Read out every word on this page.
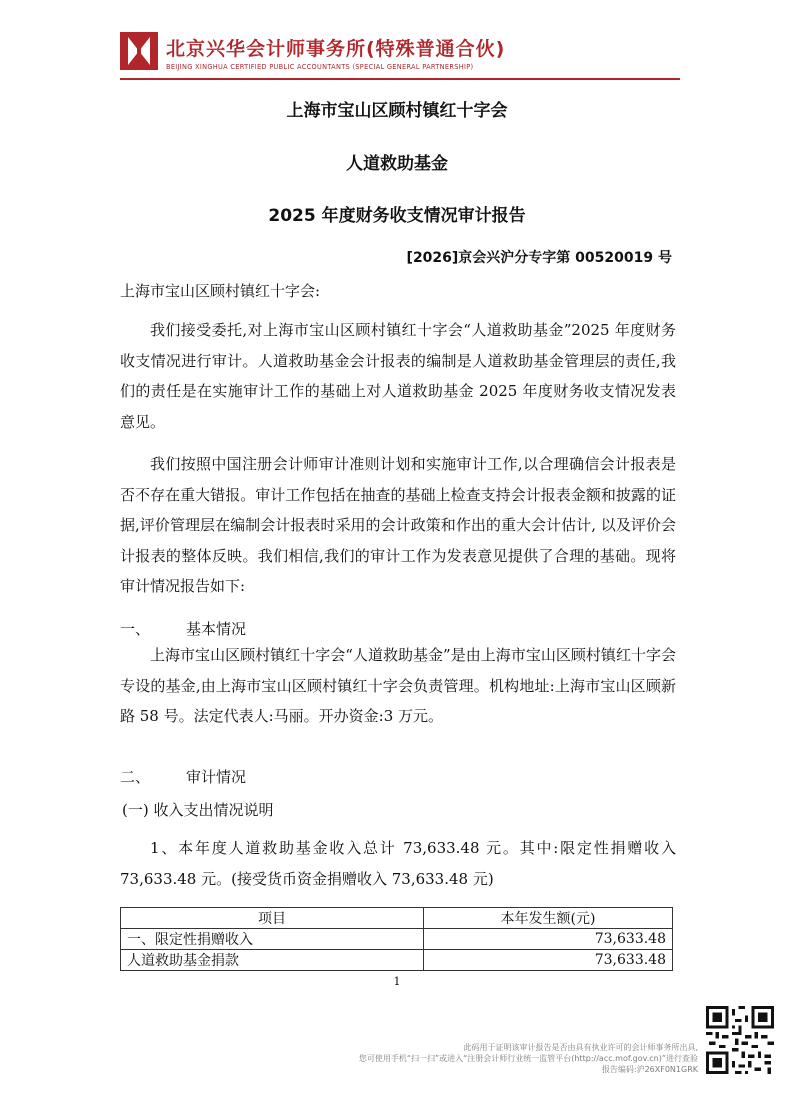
北京兴华会计师事务所(特殊普通合伙)
BEIJING XINGHUA CERTIFIED PUBLIC ACCOUNTANTS (SPECIAL GENERAL PARTNERSHIP)
上海市宝山区顾村镇红十字会
人道救助基金
2025 年度财务收支情况审计报告
[2026]京会兴沪分专字第 00520019 号
上海市宝山区顾村镇红十字会:
我们接受委托,对上海市宝山区顾村镇红十字会“人道救助基金”2025 年度财务收支情况进行审计。人道救助基金会计报表的编制是人道救助基金管理层的责任,我们的责任是在实施审计工作的基础上对人道救助基金 2025 年度财务收支情况发表意见。
我们按照中国注册会计师审计准则计划和实施审计工作,以合理确信会计报表是否不存在重大错报。审计工作包括在抽查的基础上检查支持会计报表金额和披露的证据,评价管理层在编制会计报表时采用的会计政策和作出的重大会计估计, 以及评价会计报表的整体反映。我们相信,我们的审计工作为发表意见提供了合理的基础。现将审计情况报告如下:
一、 基本情况
上海市宝山区顾村镇红十字会“人道救助基金”是由上海市宝山区顾村镇红十字会专设的基金,由上海市宝山区顾村镇红十字会负责管理。机构地址:上海市宝山区顾新路 58 号。法定代表人:马丽。开办资金:3 万元。
二、 审计情况
(一) 收入支出情况说明
1、本年度人道救助基金收入总计 73,633.48 元。其中:限定性捐赠收入 73,633.48 元。(接受货币资金捐赠收入 73,633.48 元)
项目	本年发生额(元)
一、限定性捐赠收入	73,633.48
人道救助基金捐款	73,633.48
1
此码用于证明该审计报告是否由具有执业许可的会计师事务所出具,
您可使用手机“扫一扫”或进入“注册会计师行业统一监管平台(http://acc.mof.gov.cn)”进行查验
报告编码:沪26XF0N1GRK
